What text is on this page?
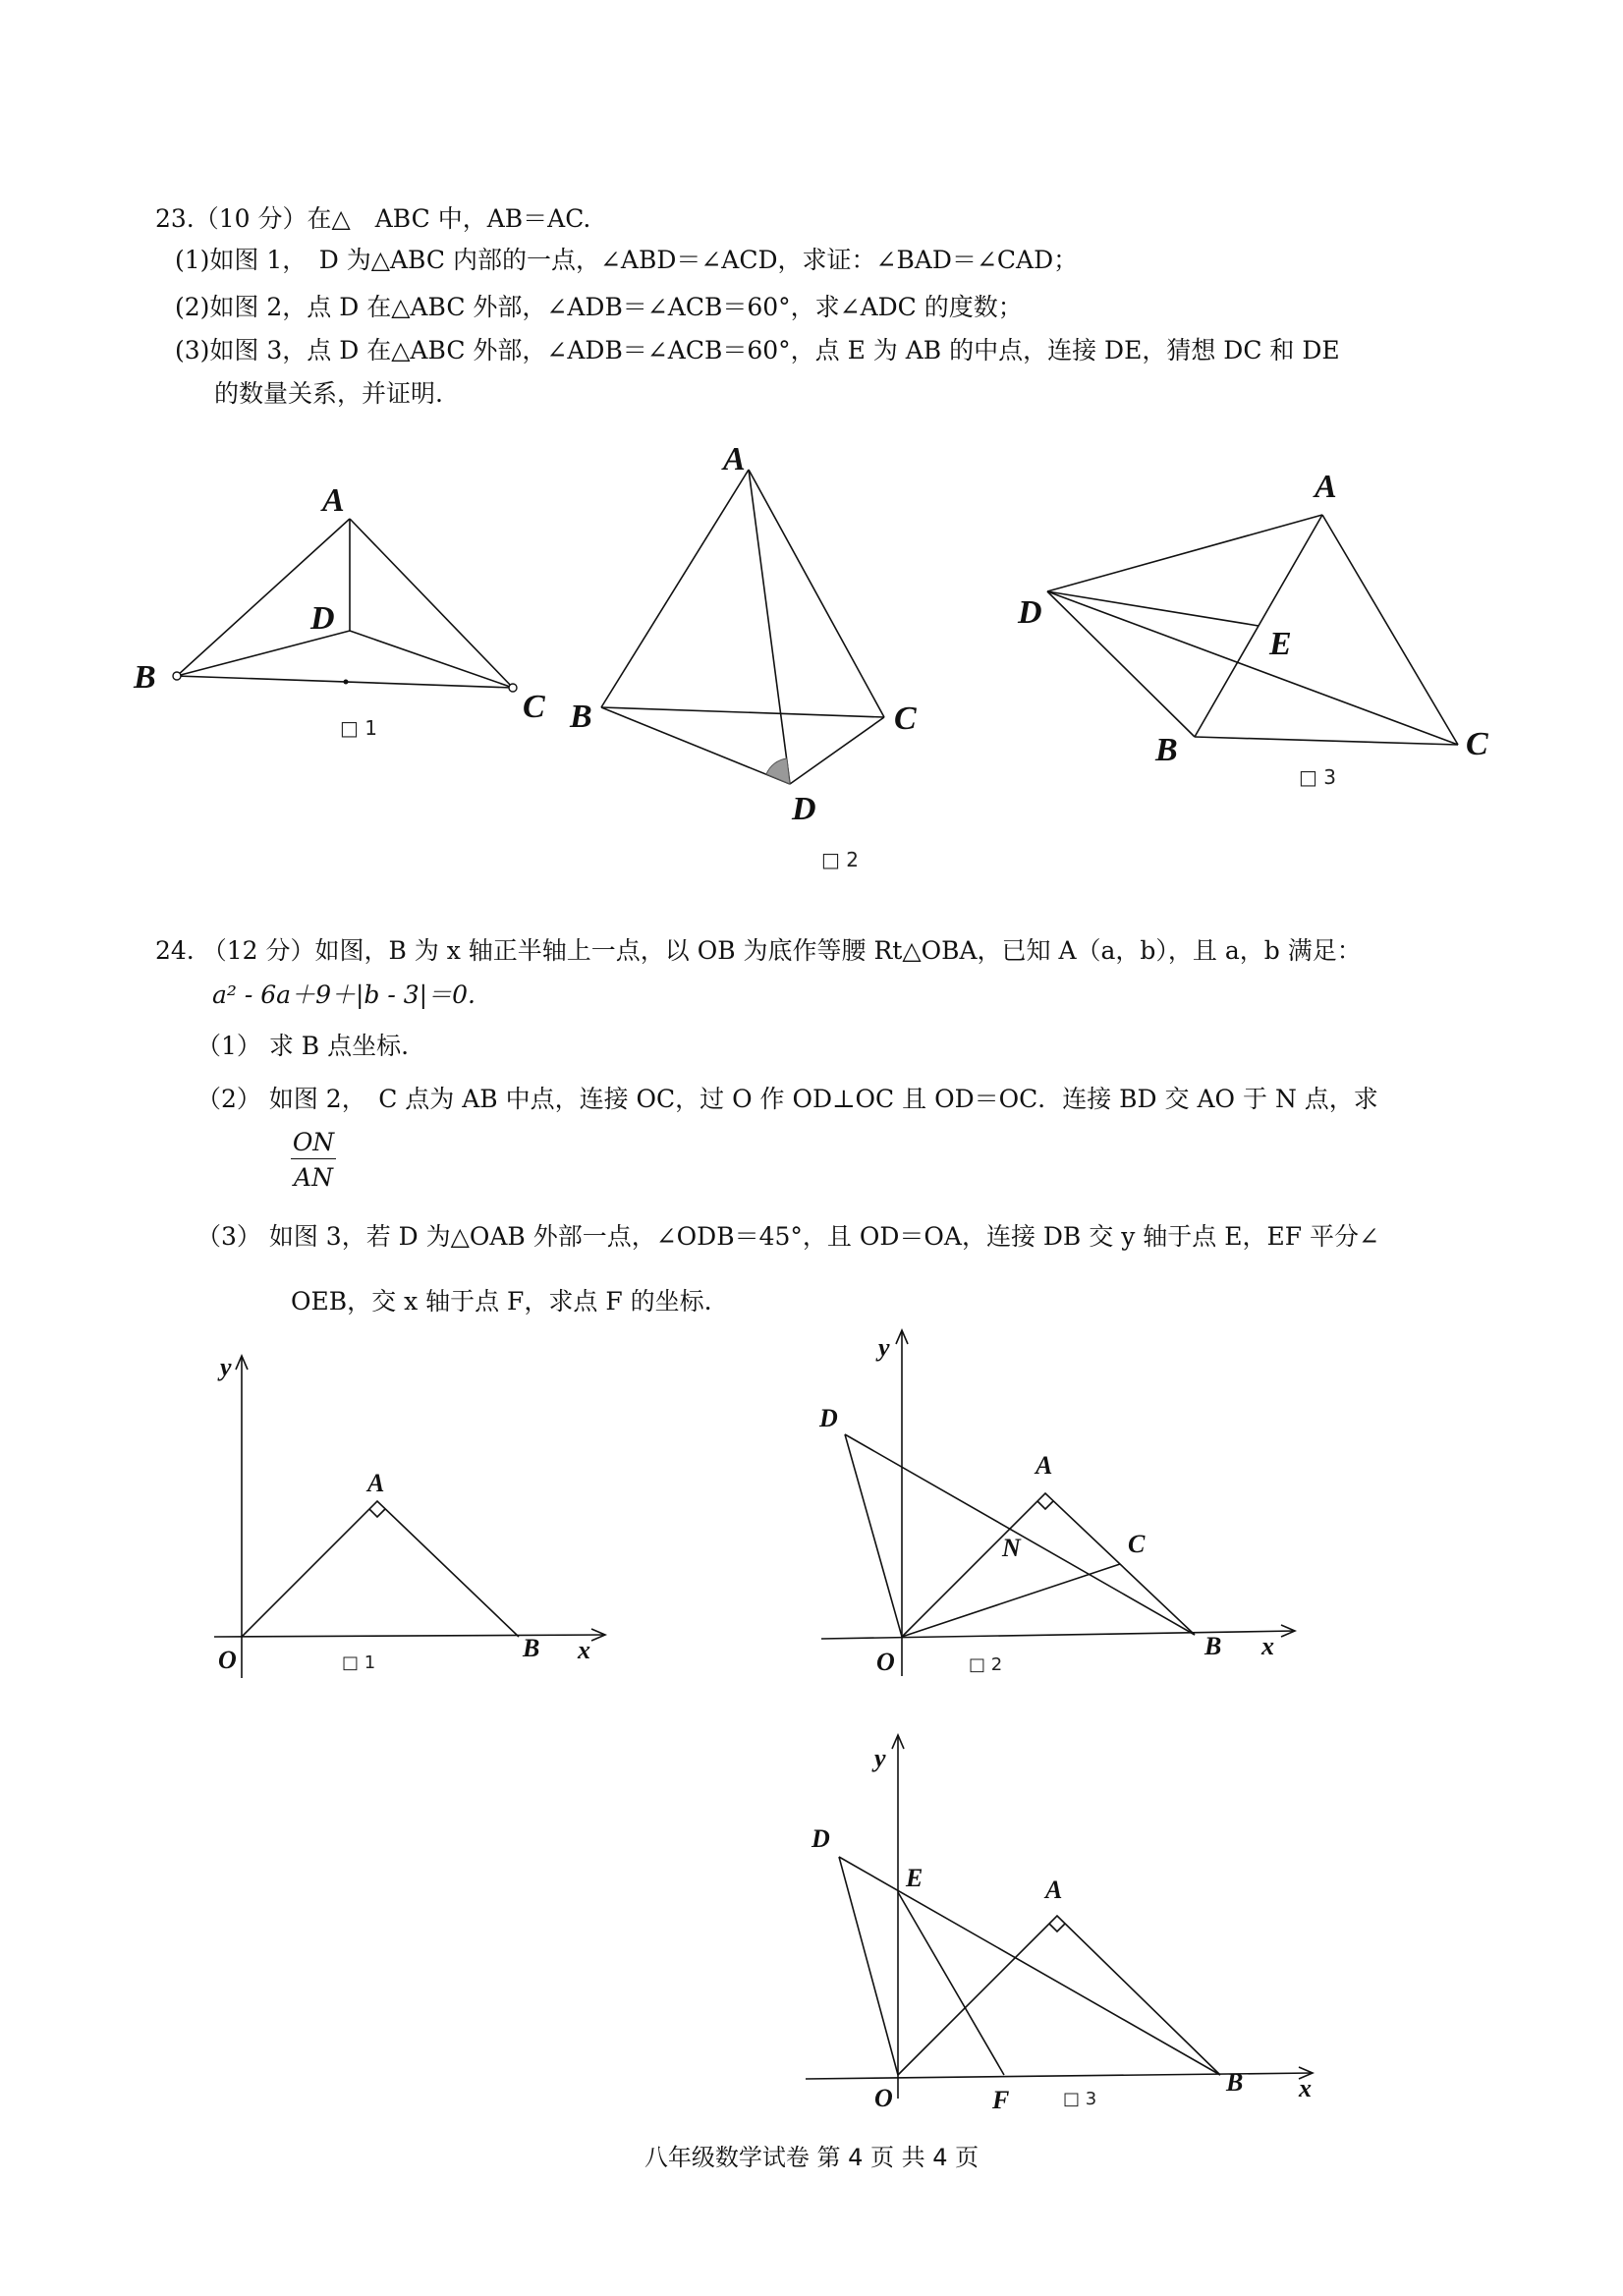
23.（10 分）在△　ABC 中，AB＝AC.
(1)如图 1，　D 为△ABC 内部的一点，∠ABD＝∠ACD，求证：∠BAD＝∠CAD；
(2)如图 2，点 D 在△ABC 外部，∠ADB＝∠ACB＝60°，求∠ADC 的度数；
(3)如图 3，点 D 在△ABC 外部，∠ADB＝∠ACB＝60°，点 E 为 AB 的中点，连接 DE，猜想 DC 和 DE
的数量关系，并证明.
24. （12 分）如图，B 为 x 轴正半轴上一点，以 OB 为底作等腰 Rt△OBA，已知 A（a，b），且 a，b 满足：
a² ‑ 6a＋9＋|b ‑ 3|＝0.
（1） 求 B 点坐标.
（2） 如图 2，　C 点为 AB 中点，连接 OC，过 O 作 OD⊥OC 且 OD＝OC．连接 BD 交 AO 于 N 点，求
$\frac{ON}{AN}$
（3） 如图 3，若 D 为△OAB 外部一点，∠ODB＝45°，且 OD＝OA，连接 DB 交 y 轴于点 E，EF 平分∠
OEB，交 x 轴于点 F，求点 F 的坐标.
A
D
B
C
□ 1
A
B	C
D
□ 2
A
D
E
B	C
□ 3
y
A
O	B x
□ 1
y
D
A
N	C
O
B x
□ 2
y
D
E	A
O	F
B x
□ 3
八年级数学试卷 第 4 页 共 4 页
